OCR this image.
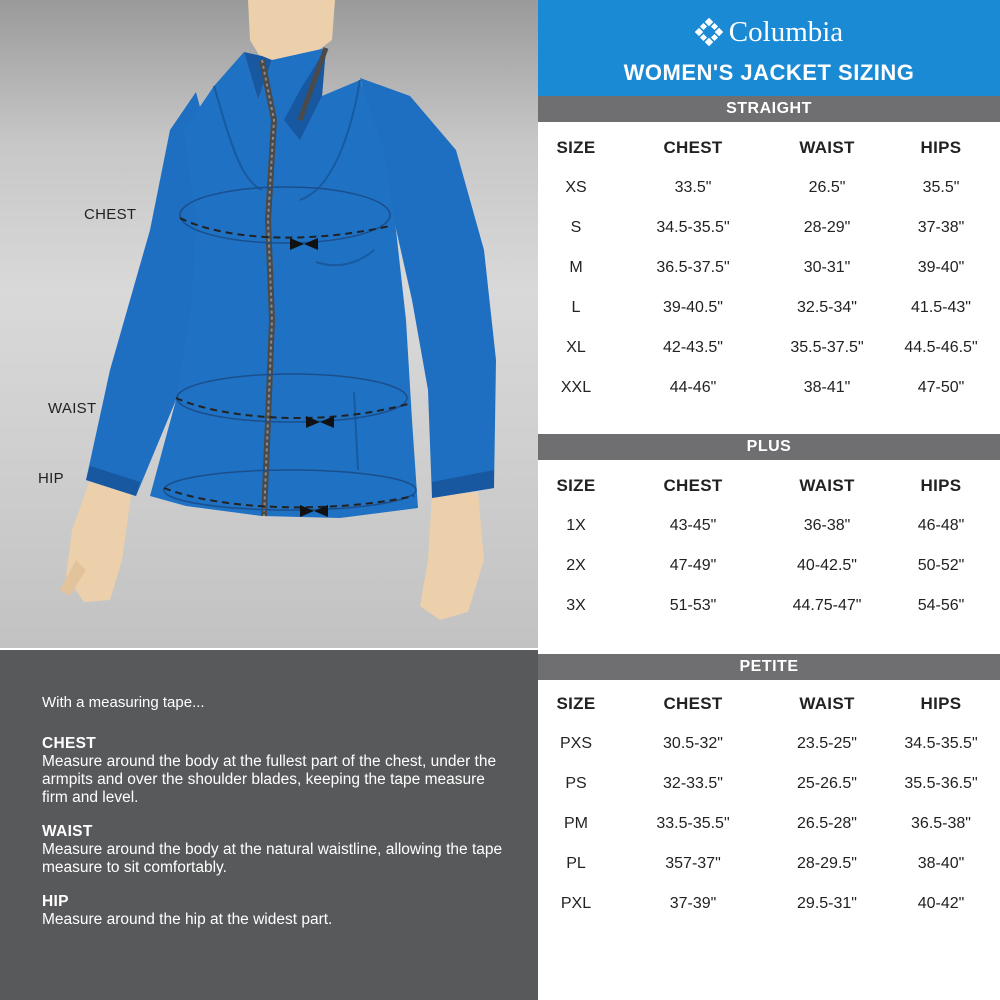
CHEST
WAIST
HIP
With a measuring tape...
CHEST
Measure around the body at the fullest part of the chest, under the armpits and over the shoulder blades, keeping the tape measure firm and level.
WAIST
Measure around the body at the natural waistline, allowing the tape measure to sit comfortably.
HIP
Measure around the hip at the widest part.
Columbia
WOMEN'S JACKET SIZING
STRAIGHT
SIZE	CHEST	WAIST	HIPS
XS	33.5"	26.5"	35.5"
S	34.5-35.5"	28-29"	37-38"
M	36.5-37.5"	30-31"	39-40"
L	39-40.5"	32.5-34"	41.5-43"
XL	42-43.5"	35.5-37.5"	44.5-46.5"
XXL	44-46"	38-41"	47-50"
PLUS
SIZE	CHEST	WAIST	HIPS
1X	43-45"	36-38"	46-48"
2X	47-49"	40-42.5"	50-52"
3X	51-53"	44.75-47"	54-56"
PETITE
SIZE	CHEST	WAIST	HIPS
PXS	30.5-32"	23.5-25"	34.5-35.5"
PS	32-33.5"	25-26.5"	35.5-36.5"
PM	33.5-35.5"	26.5-28"	36.5-38"
PL	357-37"	28-29.5"	38-40"
PXL	37-39"	29.5-31"	40-42"
